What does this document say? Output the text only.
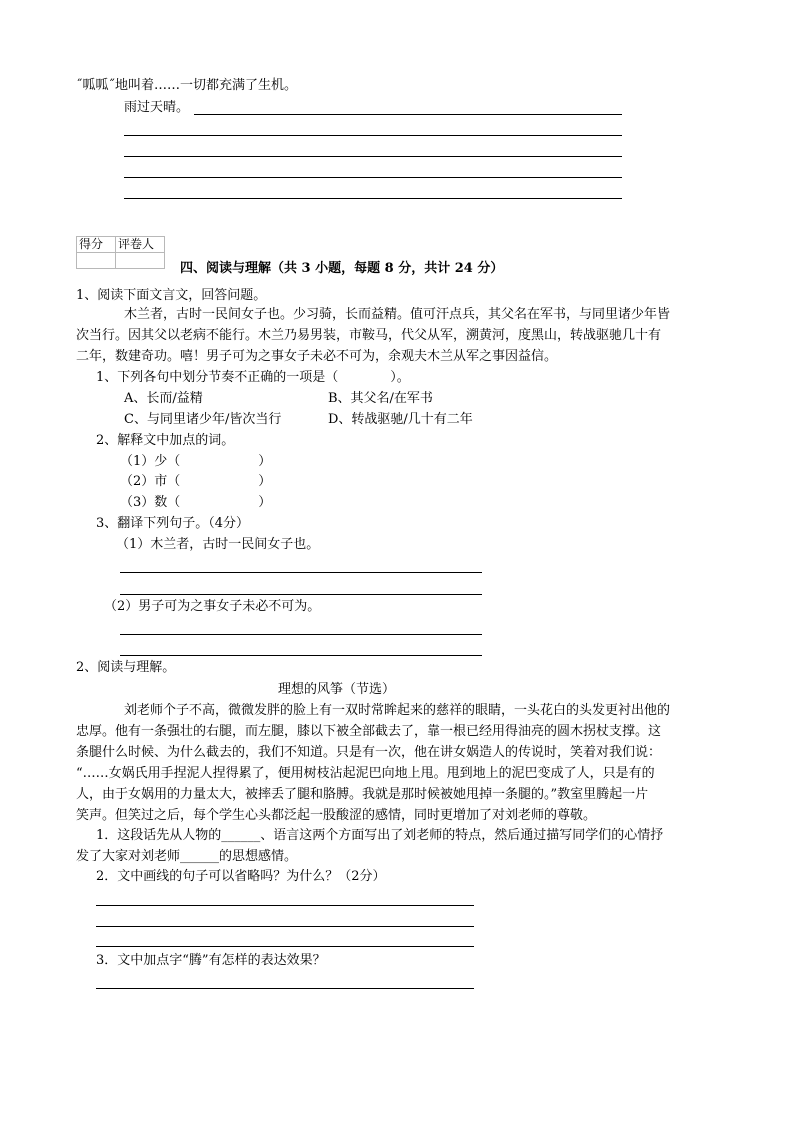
˝呱呱˝地叫着……一切都充满了生机。
雨过天晴。
得分	评卷人

四、阅读与理解（共 3 小题，每题 8 分，共计 24 分）
1、阅读下面文言文，回答问题。
木兰者，古时一民间女子也。少习骑，长而益精。值可汗点兵，其父名在军书，与同里诸少年皆
次当行。因其父以老病不能行。木兰乃易男装，市鞍马，代父从军，溯黄河，度黑山，转战驱驰几十有
二年，数建奇功。嘻！男子可为之事女子未必不可为，余观夫木兰从军之事因益信。
1、下列各句中划分节奏不正确的一项是（　　　　）。
A、长而/益精	B、其父名/在军书
C、与同里诸少年/皆次当行	D、转战驱驰/几十有二年
2、解释文中加点的词。
（1）少（　　　　　　）
（2）市（　　　　　　）
（3）数（　　　　　　）
3、翻译下列句子。（4分）
（1）木兰者，古时一民间女子也。
（2）男子可为之事女子未必不可为。
2、阅读与理解。
理想的风筝（节选）
刘老师个子不高，微微发胖的脸上有一双时常眸起来的慈祥的眼睛，一头花白的头发更衬出他的
忠厚。他有一条强壮的右腿，而左腿，膝以下被全部截去了，靠一根已经用得油亮的圆木拐杖支撑。这
条腿什么时候、为什么截去的，我们不知道。只是有一次，他在讲女娲造人的传说时，笑着对我们说：
“……女娲氏用手捏泥人捏得累了，便用树枝沾起泥巴向地上甩。甩到地上的泥巴变成了人，只是有的
人，由于女娲用的力量太大，被摔丢了腿和胳膊。我就是那时候被她甩掉一条腿的。”教室里腾起一片
笑声。但笑过之后，每个学生心头都泛起一股酸涩的感情，同时更增加了对刘老师的尊敬。
1．这段话先从人物的______、语言这两个方面写出了刘老师的特点，然后通过描写同学们的心情抒
发了大家对刘老师______的思想感情。
2．文中画线的句子可以省略吗？为什么？（2分）
3．文中加点字“腾”有怎样的表达效果？
